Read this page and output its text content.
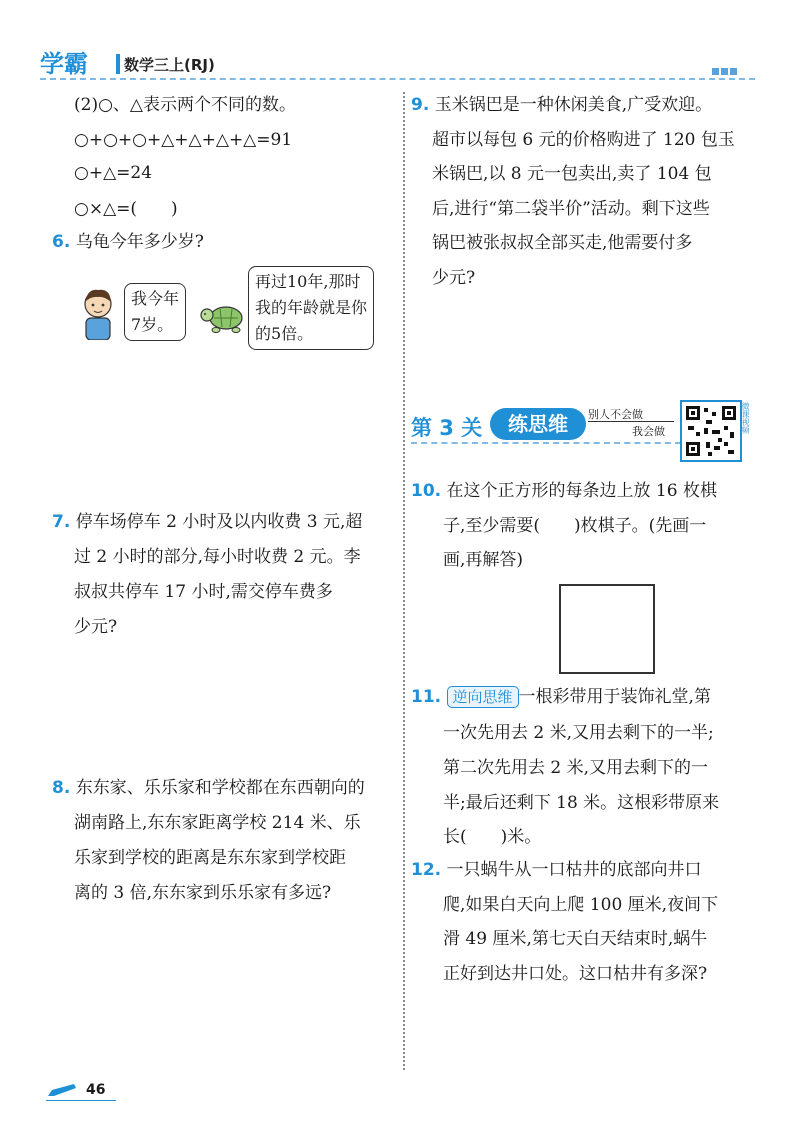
学霸 数学三上(RJ)
(2)○、△表示两个不同的数。
○+○+○+△+△+△+△=91
○+△=24
○×△=(　　)
6. 乌龟今年多少岁?
我今年
7岁。
再过10年,那时
我的年龄就是你
的5倍。
7. 停车场停车 2 小时及以内收费 3 元,超
过 2 小时的部分,每小时收费 2 元。李
叔叔共停车 17 小时,需交停车费多
少元?
8. 东东家、乐乐家和学校都在东西朝向的
湖南路上,东东家距离学校 214 米、乐
乐家到学校的距离是东东家到学校距
离的 3 倍,东东家到乐乐家有多远?
9. 玉米锅巴是一种休闲美食,广受欢迎。
超市以每包 6 元的价格购进了 120 包玉
米锅巴,以 8 元一包卖出,卖了 104 包
后,进行“第二袋半价”活动。剩下这些
锅巴被张叔叔全部买走,他需要付多
少元?
第 3 关	练思维	别人不会做
我会做	微课视频
10. 在这个正方形的每条边上放 16 枚棋
子,至少需要(　　)枚棋子。(先画一
画,再解答)
11. 逆向思维 一根彩带用于装饰礼堂,第
一次先用去 2 米,又用去剩下的一半;
第二次先用去 2 米,又用去剩下的一
半;最后还剩下 18 米。这根彩带原来
长(　　)米。
12. 一只蜗牛从一口枯井的底部向井口
爬,如果白天向上爬 100 厘米,夜间下
滑 49 厘米,第七天白天结束时,蜗牛
正好到达井口处。这口枯井有多深?
46
